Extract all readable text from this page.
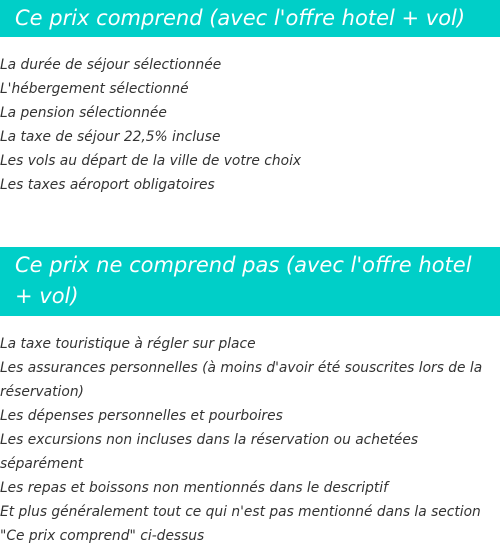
Ce prix comprend (avec l'offre hotel + vol)
La durée de séjour sélectionnée
L'hébergement sélectionné
La pension sélectionnée
La taxe de séjour 22,5% incluse
Les vols au départ de la ville de votre choix
Les taxes aéroport obligatoires
Ce prix ne comprend pas (avec l'offre hotel + vol)
La taxe touristique à régler sur place
Les assurances personnelles (à moins d'avoir été souscrites lors de la réservation)
Les dépenses personnelles et pourboires
Les excursions non incluses dans la réservation ou achetées séparément
Les repas et boissons non mentionnés dans le descriptif
Et plus généralement tout ce qui n'est pas mentionné dans la section "Ce prix comprend" ci-dessus
